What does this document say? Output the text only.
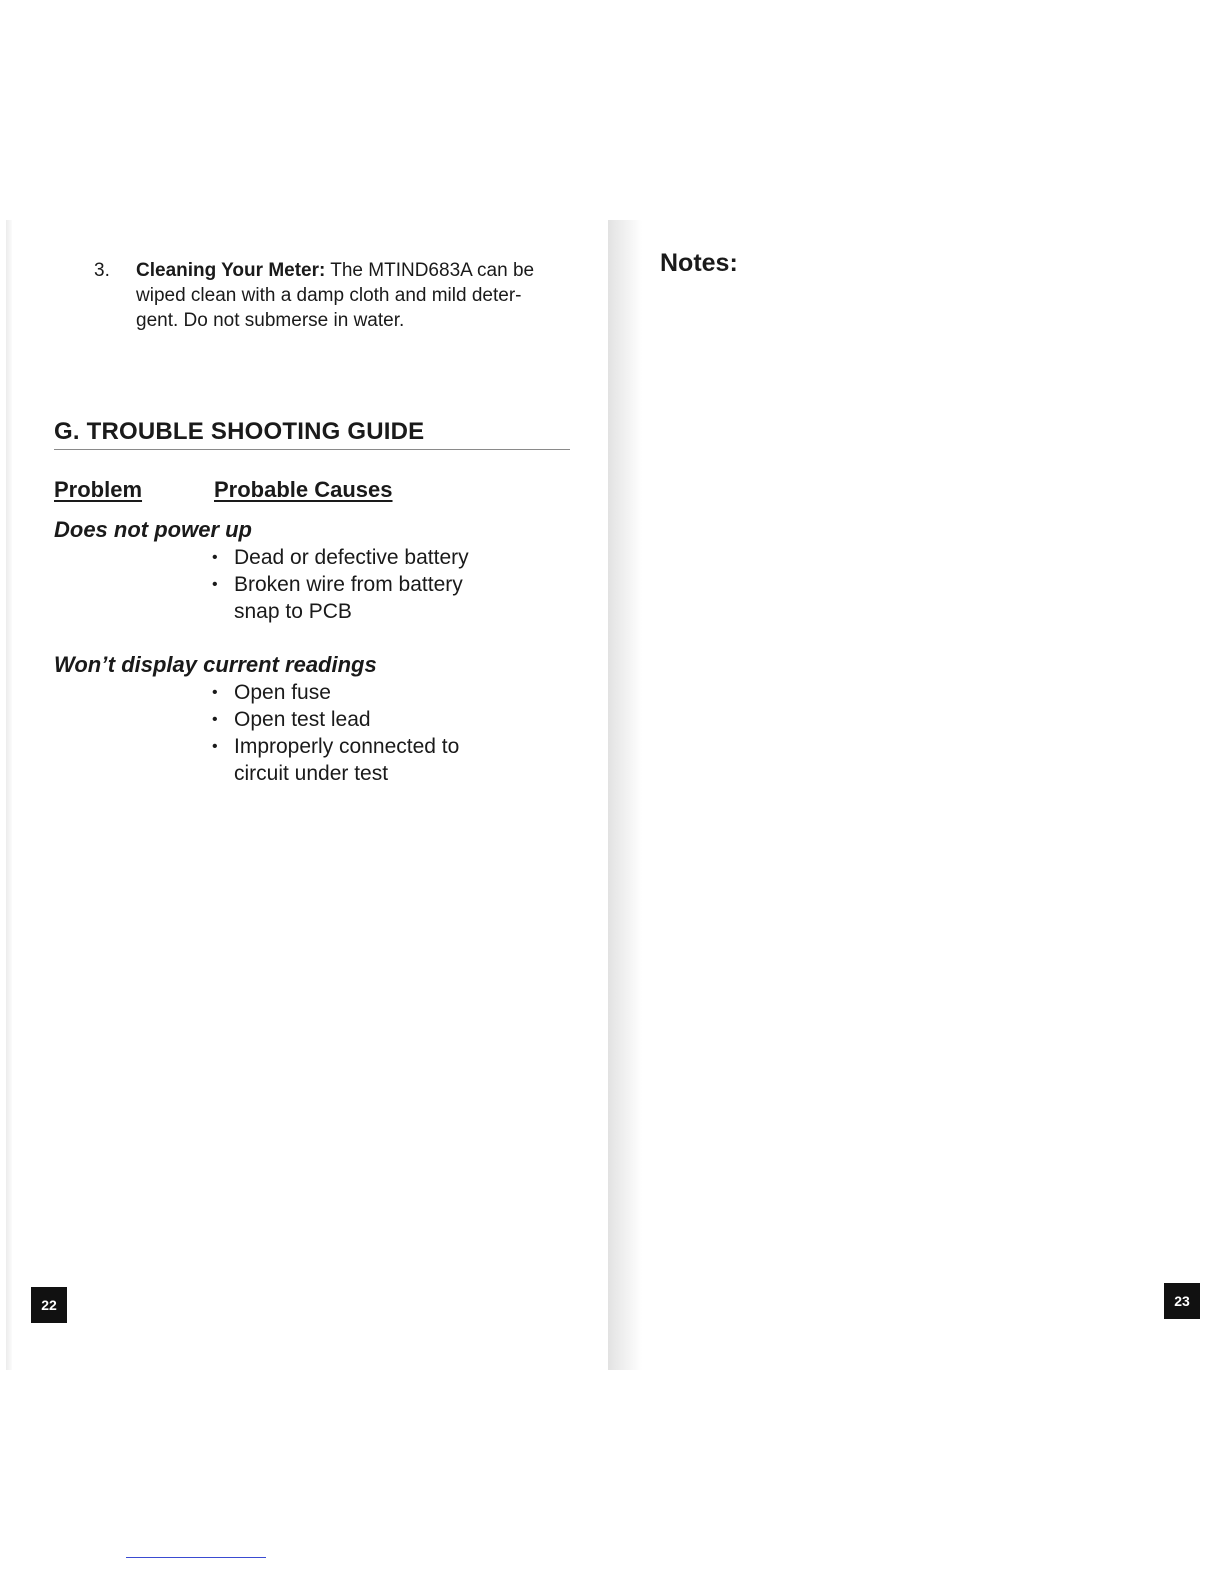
3. Cleaning Your Meter: The MTIND683A can be
wiped clean with a damp cloth and mild deter-
gent. Do not submerse in water.
G. TROUBLE SHOOTING GUIDE
Problem	Probable Causes
Does not power up
• Dead or defective battery
• Broken wire from battery
snap to PCB
Won’t display current readings
• Open fuse
• Open test lead
• Improperly connected to
circuit under test
22	23
Notes:
